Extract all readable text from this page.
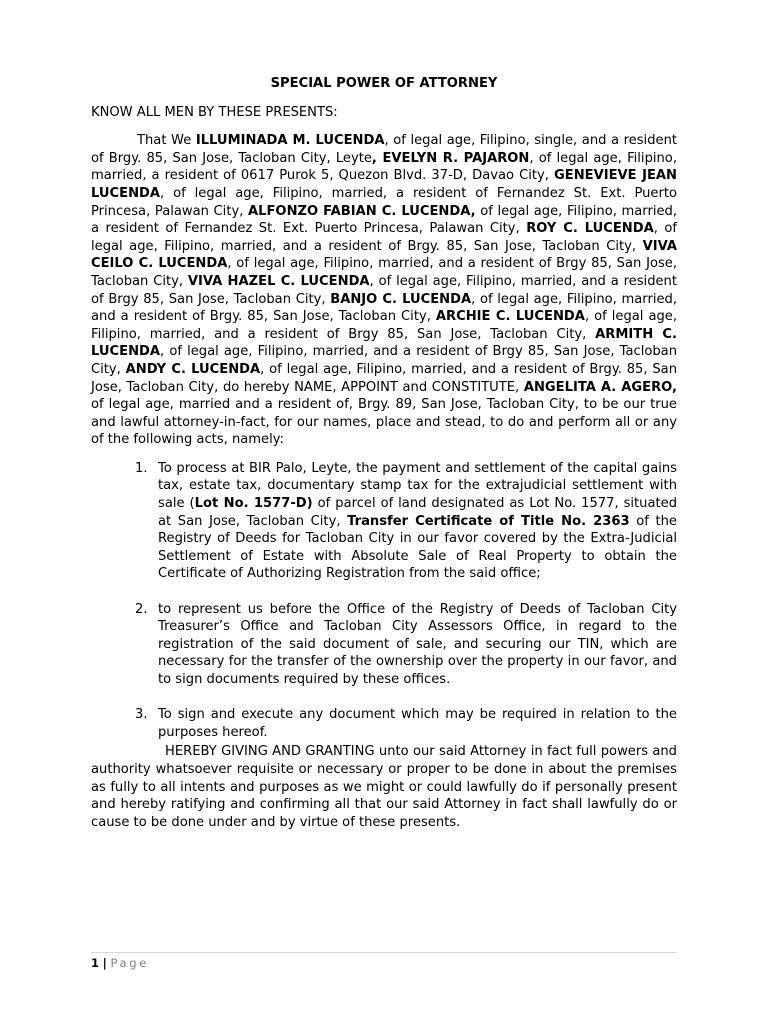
SPECIAL POWER OF ATTORNEY

KNOW ALL MEN BY THESE PRESENTS:

That We ILLUMINADA M. LUCENDA, of legal age, Filipino, single, and a resident of Brgy. 85, San Jose, Tacloban City, Leyte, EVELYN R. PAJARON, of legal age, Filipino, married, a resident of 0617 Purok 5, Quezon Blvd. 37-D, Davao City, GENEVIEVE JEAN LUCENDA, of legal age, Filipino, married, a resident of Fernandez St. Ext. Puerto Princesa, Palawan City, ALFONZO FABIAN C. LUCENDA, of legal age, Filipino, married, a resident of Fernandez St. Ext. Puerto Princesa, Palawan City, ROY C. LUCENDA, of legal age, Filipino, married, and a resident of Brgy. 85, San Jose, Tacloban City, VIVA CEILO C. LUCENDA, of legal age, Filipino, married, and a resident of Brgy 85, San Jose, Tacloban City, VIVA HAZEL C. LUCENDA, of legal age, Filipino, married, and a resident of Brgy 85, San Jose, Tacloban City, BANJO C. LUCENDA, of legal age, Filipino, married, and a resident of Brgy. 85, San Jose, Tacloban City, ARCHIE C. LUCENDA, of legal age, Filipino, married, and a resident of Brgy 85, San Jose, Tacloban City, ARMITH C. LUCENDA, of legal age, Filipino, married, and a resident of Brgy 85, San Jose, Tacloban City, ANDY C. LUCENDA, of legal age, Filipino, married, and a resident of Brgy. 85, San Jose, Tacloban City, do hereby NAME, APPOINT and CONSTITUTE, ANGELITA A. AGERO, of legal age, married and a resident of, Brgy. 89, San Jose, Tacloban City, to be our true and lawful attorney-in-fact, for our names, place and stead, to do and perform all or any of the following acts, namely:

1. To process at BIR Palo, Leyte, the payment and settlement of the capital gains tax, estate tax, documentary stamp tax for the extrajudicial settlement with sale (Lot No. 1577-D) of parcel of land designated as Lot No. 1577, situated at San Jose, Tacloban City, Transfer Certificate of Title No. 2363 of the Registry of Deeds for Tacloban City in our favor covered by the Extra-Judicial Settlement of Estate with Absolute Sale of Real Property to obtain the Certificate of Authorizing Registration from the said office;
2. to represent us before the Office of the Registry of Deeds of Tacloban City Treasurer’s Office and Tacloban City Assessors Office, in regard to the registration of the said document of sale, and securing our TIN, which are necessary for the transfer of the ownership over the property in our favor, and to sign documents required by these offices.
3. To sign and execute any document which may be required in relation to the purposes hereof.

HEREBY GIVING AND GRANTING unto our said Attorney in fact full powers and authority whatsoever requisite or necessary or proper to be done in about the premises as fully to all intents and purposes as we might or could lawfully do if personally present and hereby ratifying and confirming all that our said Attorney in fact shall lawfully do or cause to be done under and by virtue of these presents.

1 | Page
